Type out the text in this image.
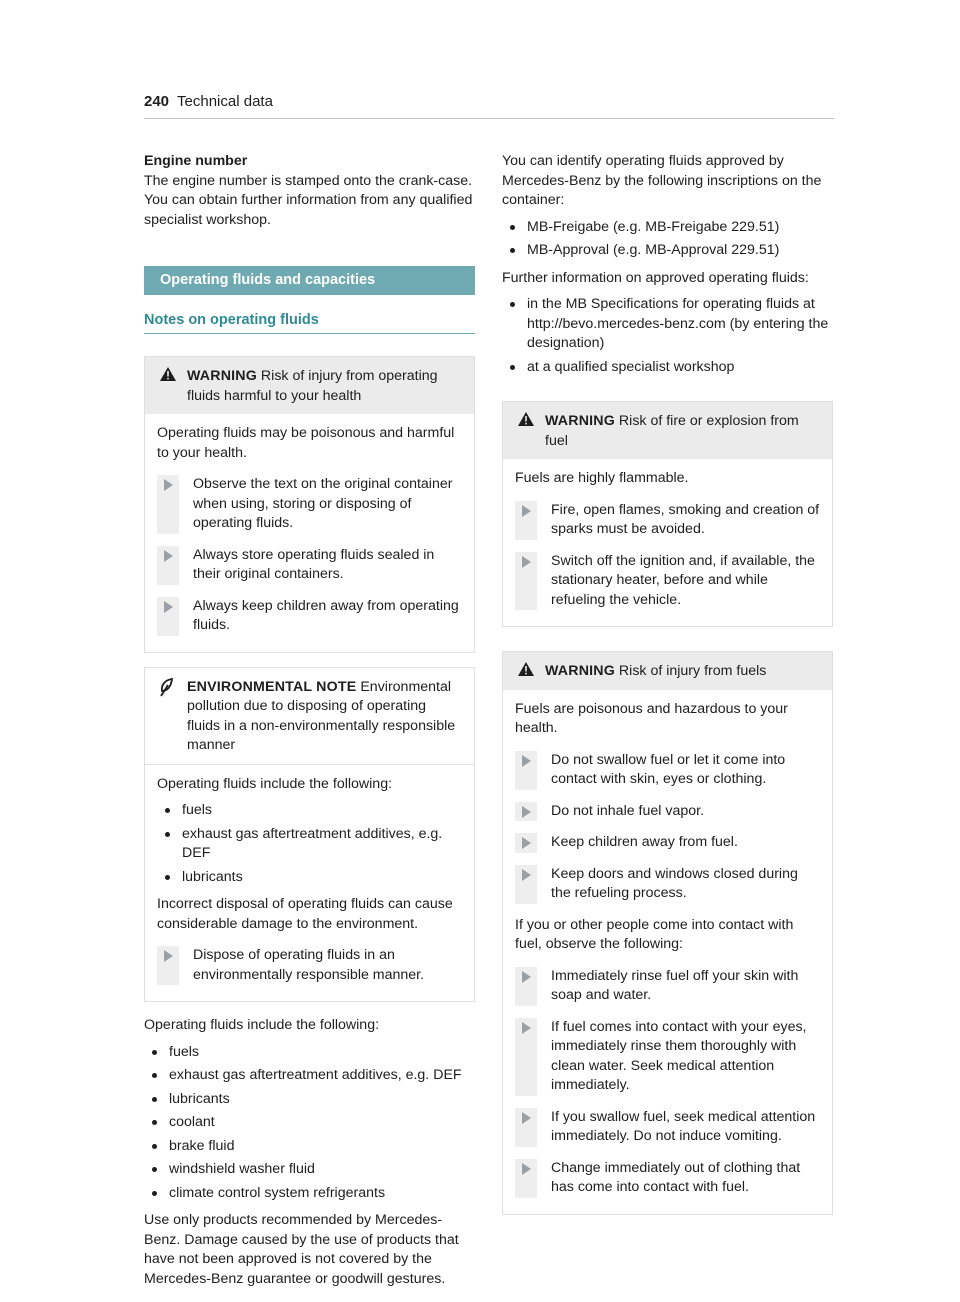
240 Technical data

Engine number

The engine number is stamped onto the crank-case. You can obtain further information from any qualified specialist workshop.

Operating fluids and capacities
Notes on operating fluids
WARNING Risk of injury from operating fluids harmful to your health

Operating fluids may be poisonous and harmful to your health.

Observe the text on the original container when using, storing or disposing of operating fluids.
Always store operating fluids sealed in their original containers.
Always keep children away from operating fluids.
ENVIRONMENTAL NOTE Environmental pollution due to disposing of operating fluids in a non-environmentally responsible manner

Operating fluids include the following:

fuels
exhaust gas aftertreatment additives, e.g. DEF
lubricants

Incorrect disposal of operating fluids can cause considerable damage to the environment.

Dispose of operating fluids in an environmentally responsible manner.

Operating fluids include the following:

fuels
exhaust gas aftertreatment additives, e.g. DEF
lubricants
coolant
brake fluid
windshield washer fluid
climate control system refrigerants

Use only products recommended by Mercedes-Benz. Damage caused by the use of products that have not been approved is not covered by the Mercedes-Benz guarantee or goodwill gestures.

You can identify operating fluids approved by Mercedes-Benz by the following inscriptions on the container:

MB-Freigabe (e.g. MB-Freigabe 229.51)
MB-Approval (e.g. MB-Approval 229.51)

Further information on approved operating fluids:

in the MB Specifications for operating fluids at http://bevo.mercedes-benz.com (by entering the designation)
at a qualified specialist workshop
WARNING Risk of fire or explosion from fuel

Fuels are highly flammable.

Fire, open flames, smoking and creation of sparks must be avoided.
Switch off the ignition and, if available, the stationary heater, before and while refueling the vehicle.
WARNING Risk of injury from fuels

Fuels are poisonous and hazardous to your health.

Do not swallow fuel or let it come into contact with skin, eyes or clothing.
Do not inhale fuel vapor.
Keep children away from fuel.
Keep doors and windows closed during the refueling process.

If you or other people come into contact with fuel, observe the following:

Immediately rinse fuel off your skin with soap and water.
If fuel comes into contact with your eyes, immediately rinse them thoroughly with clean water. Seek medical attention immediately.
If you swallow fuel, seek medical attention immediately. Do not induce vomiting.
Change immediately out of clothing that has come into contact with fuel.
